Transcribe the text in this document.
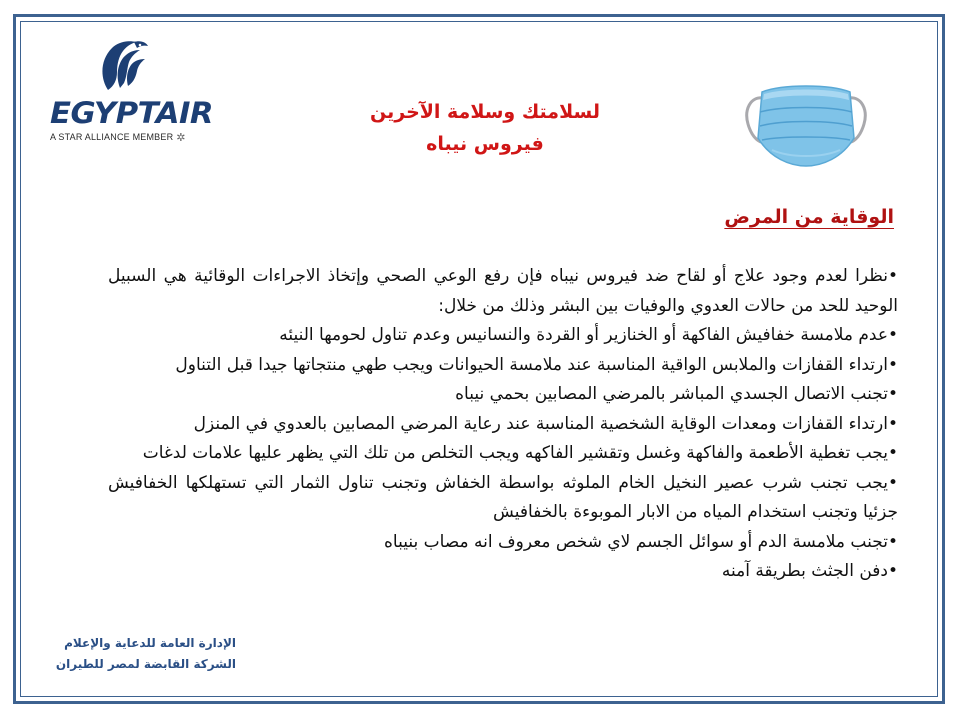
EGYPTAIR
A STAR ALLIANCE MEMBER ✲
لسلامتك وسلامة الآخرين
فيروس نيباه
الوقاية من المرض

•نظرا لعدم وجود علاج أو لقاح ضد فيروس نيباه فإن رفع الوعي الصحي وإتخاذ الاجراءات الوقائية هي السبيل الوحيد للحد من حالات العدوي والوفيات بين البشر وذلك من خلال:

•عدم ملامسة خفافيش الفاكهة أو الخنازير أو القردة والنسانيس وعدم تناول لحومها النيئه

•ارتداء القفازات والملابس الواقية المناسبة عند ملامسة الحيوانات ويجب طهي منتجاتها جيدا قبل التناول

•تجنب الاتصال الجسدي المباشر بالمرضي المصابين بحمي نيباه

•ارتداء القفازات ومعدات الوقاية الشخصية المناسبة عند رعاية المرضي المصابين بالعدوي في المنزل

•يجب تغطية الأطعمة والفاكهة وغسل وتقشير الفاكهه ويجب التخلص من تلك التي يظهر عليها علامات لدغات

•يجب تجنب شرب عصير النخيل الخام الملوثه بواسطة الخفاش وتجنب تناول الثمار التي تستهلكها الخفافيش جزئيا وتجنب استخدام المياه من الابار الموبوءة بالخفافيش

•تجنب ملامسة الدم أو سوائل الجسم لاي شخص معروف انه مصاب بنيباه

•دفن الجثث بطريقة آمنه

الإدارة العامة للدعاية والإعلام
الشركة القابضة لمصر للطيران
